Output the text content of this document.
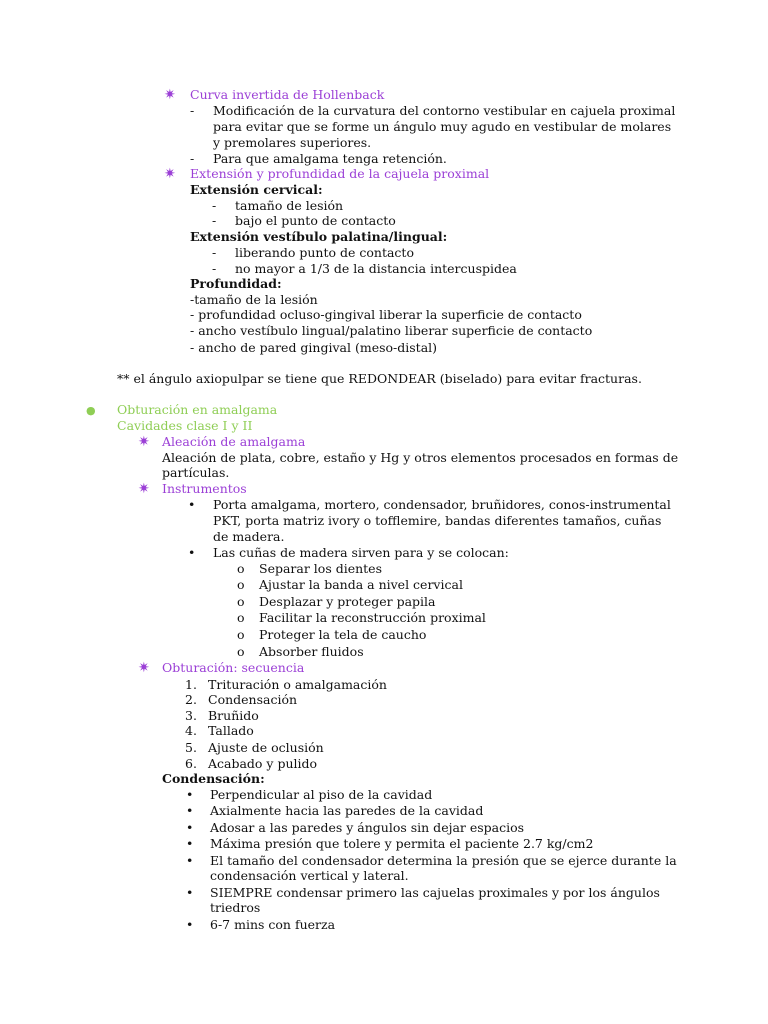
✷ Curva invertida de Hollenback
- Modificación de la curvatura del contorno vestibular en cajuela proximal
para evitar que se forme un ángulo muy agudo en vestibular de molares
y premolares superiores.
- Para que amalgama tenga retención.
✷ Extensión y profundidad de la cajuela proximal
Extensión cervical:
- tamaño de lesión
- bajo el punto de contacto
Extensión vestíbulo palatina/lingual:
- liberando punto de contacto
- no mayor a 1/3 de la distancia intercuspidea
Profundidad:
-tamaño de la lesión
- profundidad ocluso-gingival liberar la superficie de contacto
- ancho vestíbulo lingual/palatino liberar superficie de contacto
- ancho de pared gingival (meso-distal)
** el ángulo axiopulpar se tiene que REDONDEAR (biselado) para evitar fracturas.
● Obturación en amalgama
Cavidades clase I y II
✷ Aleación de amalgama
Aleación de plata, cobre, estaño y Hg y otros elementos procesados en formas de
partículas.
✷ Instrumentos
• Porta amalgama, mortero, condensador, bruñidores, conos-instrumental
PKT, porta matriz ivory o tofflemire, bandas diferentes tamaños, cuñas
de madera.
• Las cuñas de madera sirven para y se colocan:
o Separar los dientes
o Ajustar la banda a nivel cervical
o Desplazar y proteger papila
o Facilitar la reconstrucción proximal
o Proteger la tela de caucho
o Absorber fluidos
✷ Obturación: secuencia
1. Trituración o amalgamación
2. Condensación
3. Bruñido
4. Tallado
5. Ajuste de oclusión
6. Acabado y pulido
Condensación:
• Perpendicular al piso de la cavidad
• Axialmente hacia las paredes de la cavidad
• Adosar a las paredes y ángulos sin dejar espacios
• Máxima presión que tolere y permita el paciente 2.7 kg/cm2
• El tamaño del condensador determina la presión que se ejerce durante la
condensación vertical y lateral.
• SIEMPRE condensar primero las cajuelas proximales y por los ángulos
triedros
• 6-7 mins con fuerza
